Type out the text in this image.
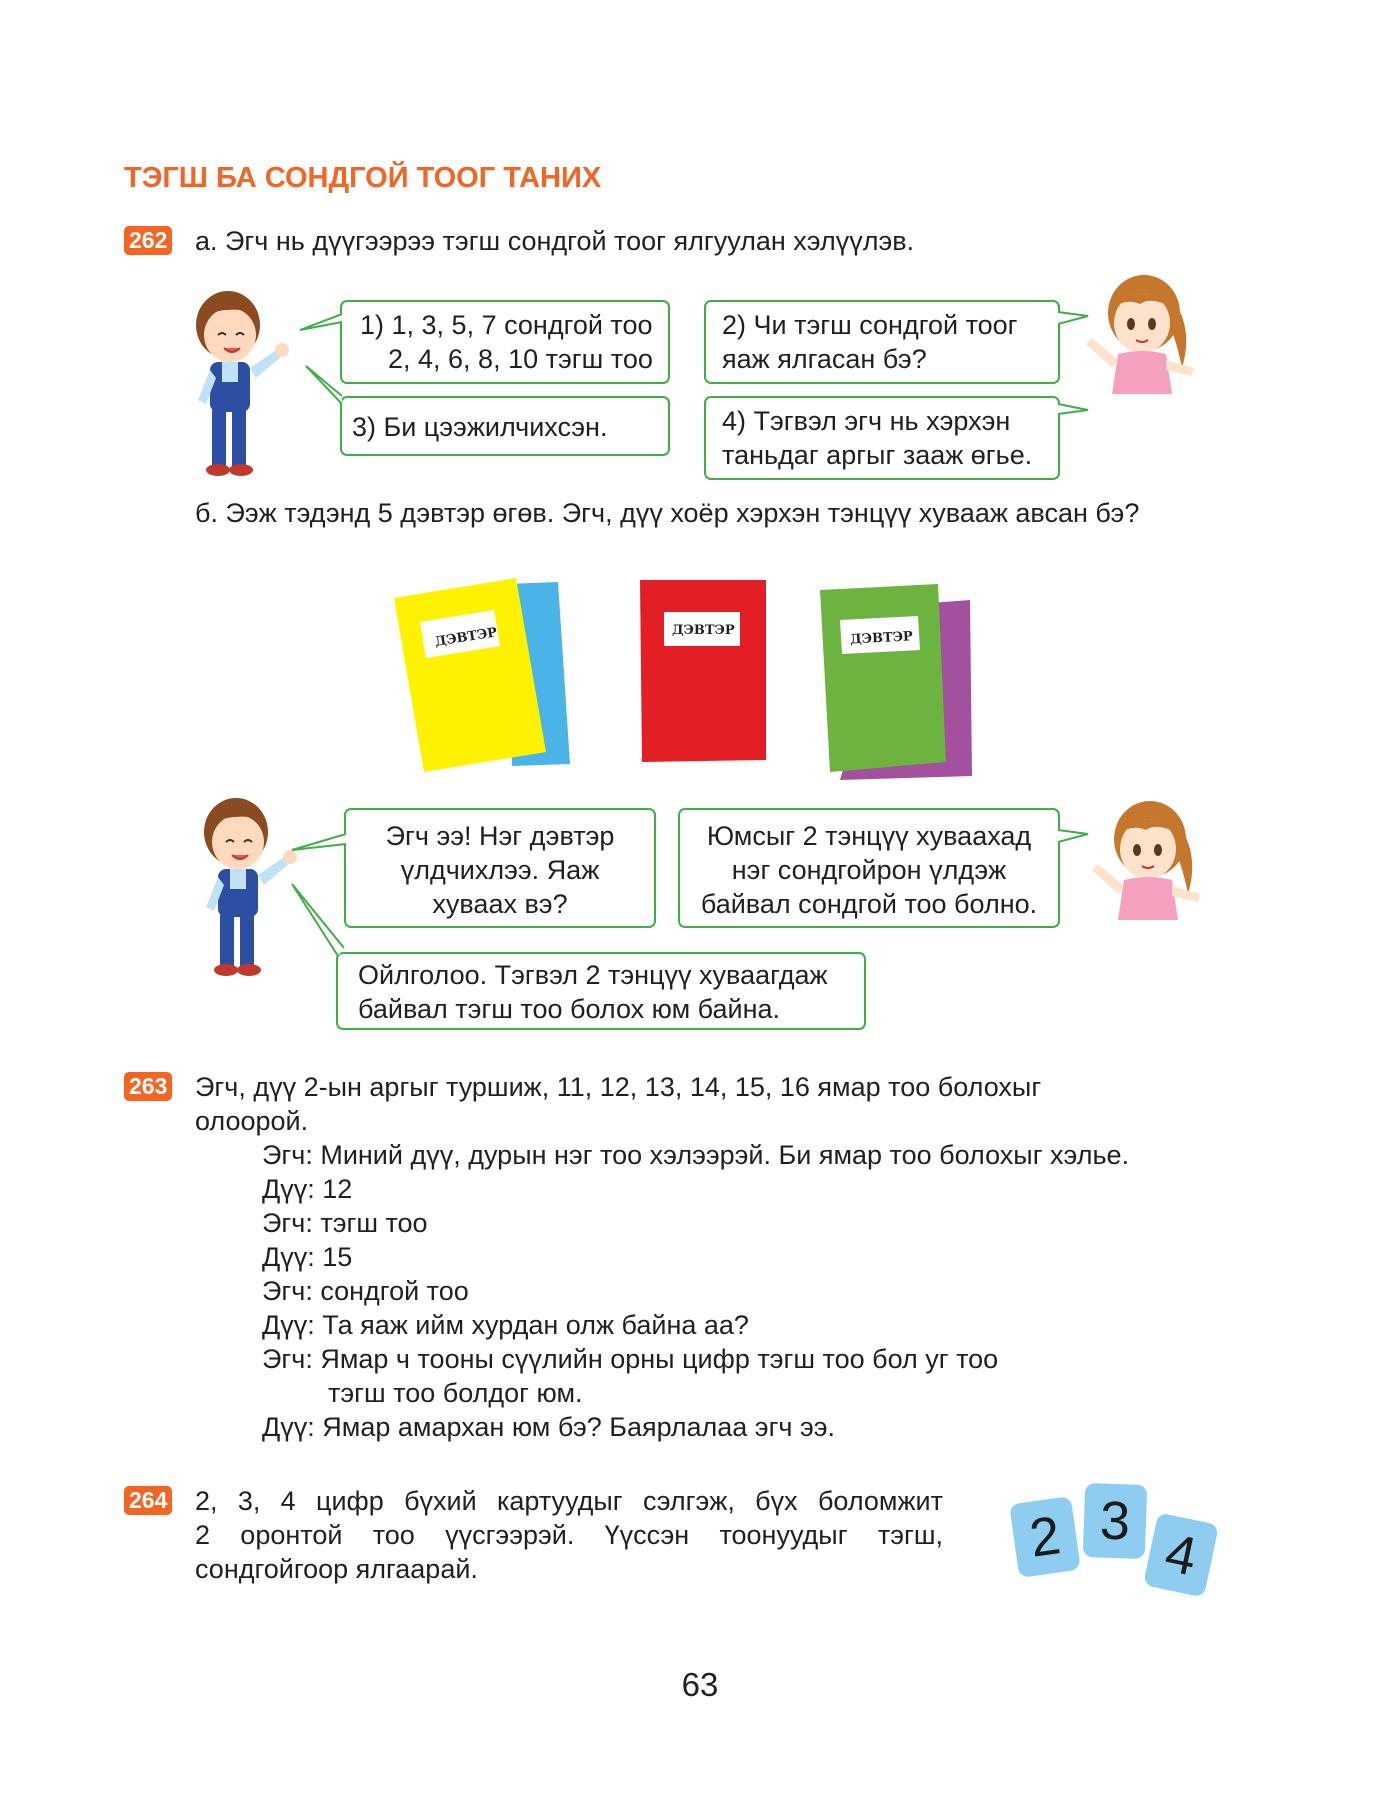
ТЭГШ БА СОНДГОЙ ТООГ ТАНИХ
262 а. Эгч нь дүүгээрээ тэгш сондгой тоог ялгуулан хэлүүлэв.
1) 1, 3, 5, 7 сондгой тоо
2, 4, 6, 8, 10 тэгш тоо
2) Чи тэгш сондгой тоог
яаж ялгасан бэ?
3) Би цээжилчихсэн.	4) Тэгвэл эгч нь хэрхэн
таньдаг аргыг зааж өгье.
б. Ээж тэдэнд 5 дэвтэр өгөв. Эгч, дүү хоёр хэрхэн тэнцүү хувааж авсан бэ?
ДЭВТЭР	ДЭВТЭР	ДЭВТЭР
Эгч ээ! Нэг дэвтэр
үлдчихлээ. Яаж
хуваах вэ?
Юмсыг 2 тэнцүү хуваахад
нэг сондгойрон үлдэж
байвал сондгой тоо болно.
Ойлголоо. Тэгвэл 2 тэнцүү хуваагдаж
байвал тэгш тоо болох юм байна.
263 Эгч, дүү 2-ын аргыг туршиж, 11, 12, 13, 14, 15, 16 ямар тоо болохыг
олоорой.
Эгч: Миний дүү, дурын нэг тоо хэлээрэй. Би ямар тоо болохыг хэлье.
Дүү: 12
Эгч: тэгш тоо
Дүү: 15
Эгч: сондгой тоо
Дүү: Та яаж ийм хурдан олж байна аа?
Эгч: Ямар ч тооны сүүлийн орны цифр тэгш тоо бол уг тоо
тэгш тоо болдог юм.
Дүү: Ямар амархан юм бэ? Баярлалаа эгч ээ.
264 2, 3, 4 цифр бүхий картуудыг сэлгэж, бүх боломжит
2 оронтой тоо үүсгээрэй. Үүссэн тоонуудыг тэгш,
сондгойгоор ялгаарай.
2 3
4
63
